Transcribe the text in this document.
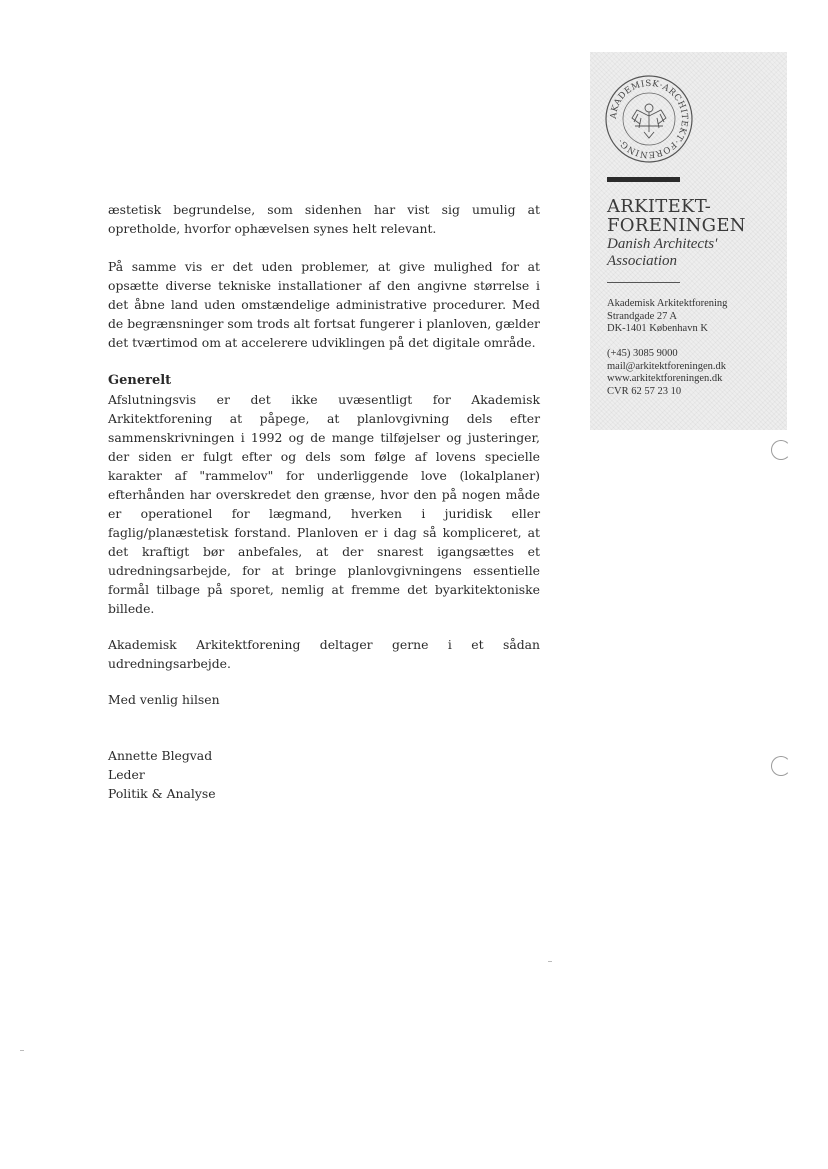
AKADEMISK·ARCHITEKT·FORENING·
ARKITEKT-
FORENINGEN
Danish Architects'
Association
Akademisk Arkitektforening
Strandgade 27 A
DK-1401 København K
(+45) 3085 9000
mail@arkitektforeningen.dk
www.arkitektforeningen.dk
CVR 62 57 23 10

æstetisk begrundelse, som sidenhen har vist sig umulig at opretholde, hvorfor ophævelsen synes helt relevant.

På samme vis er det uden problemer, at give mulighed for at opsætte diverse tekniske installationer af den angivne størrelse i det åbne land uden omstændelige administrative procedurer. Med de begrænsninger som trods alt fortsat fungerer i planloven, gælder det tværtimod om at accelerere udviklingen på det digitale område.

Generelt

Afslutningsvis er det ikke uvæsentligt for Akademisk Arkitektforening at påpege, at planlovgivning dels efter sammenskrivningen i 1992 og de mange tilføjelser og justeringer, der siden er fulgt efter og dels som følge af lovens specielle karakter af "rammelov" for underliggende love (lokalplaner) efterhånden har overskredet den grænse, hvor den på nogen måde er operationel for lægmand, hverken i juridisk eller faglig/planæstetisk forstand. Planloven er i dag så kompliceret, at det kraftigt bør anbefales, at der snarest igangsættes et udredningsarbejde, for at bringe planlovgivningens essentielle formål tilbage på sporet, nemlig at fremme det byarkitektoniske billede.

Akademisk Arkitektforening deltager gerne i et sådan udredningsarbejde.

Med venlig hilsen

Annette Blegvad
Leder
Politik & Analyse
